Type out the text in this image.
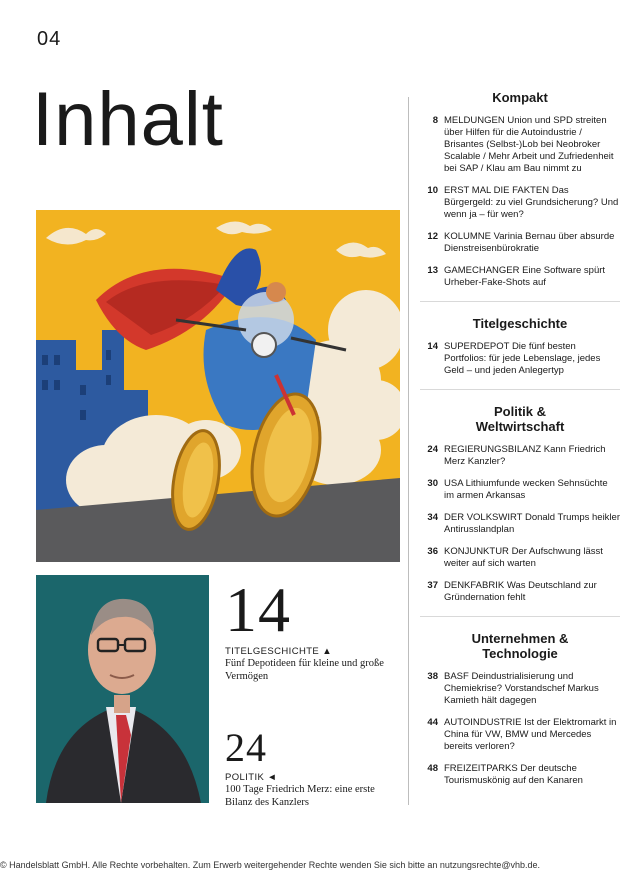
04
Inhalt
14
TITELGESCHICHTE ▲
Fünf Depotideen für kleine und große Vermögen
24
POLITIK ◄
100 Tage Friedrich Merz: eine erste Bilanz des Kanzlers
Kompakt
8 MELDUNGEN Union und SPD streiten über Hilfen für die Autoindustrie / Brisantes (Selbst-)Lob bei Neobroker Scalable / Mehr Arbeit und Zufriedenheit bei SAP / Klau am Bau nimmt zu
10 ERST MAL DIE FAKTEN Das Bürgergeld: zu viel Grundsicherung? Und wenn ja – für wen?
12 KOLUMNE Varinia Bernau über absurde Dienstreisenbürokratie
13 GAMECHANGER Eine Software spürt Urheber-Fake-Shots auf
Titelgeschichte
14 SUPERDEPOT Die fünf besten Portfolios: für jede Lebenslage, jedes Geld – und jeden Anlegertyp
Politik & Weltwirtschaft
24 REGIERUNGSBILANZ Kann Friedrich Merz Kanzler?
30 USA Lithiumfunde wecken Sehnsüchte im armen Arkansas
34 DER VOLKSWIRT Donald Trumps heikler Antirusslandplan
36 KONJUNKTUR Der Aufschwung lässt weiter auf sich warten
37 DENKFABRIK Was Deutschland zur Gründernation fehlt
Unternehmen & Technologie
38 BASF Deindustrialisierung und Chemiekrise? Vorstandschef Markus Kamieth hält dagegen
44 AUTOINDUSTRIE Ist der Elektromarkt in China für VW, BMW und Mercedes bereits verloren?
48 FREIZEITPARKS Der deutsche Tourismuskönig auf den Kanaren
© Handelsblatt GmbH. Alle Rechte vorbehalten. Zum Erwerb weitergehender Rechte wenden Sie sich bitte an nutzungsrechte@vhb.de.
